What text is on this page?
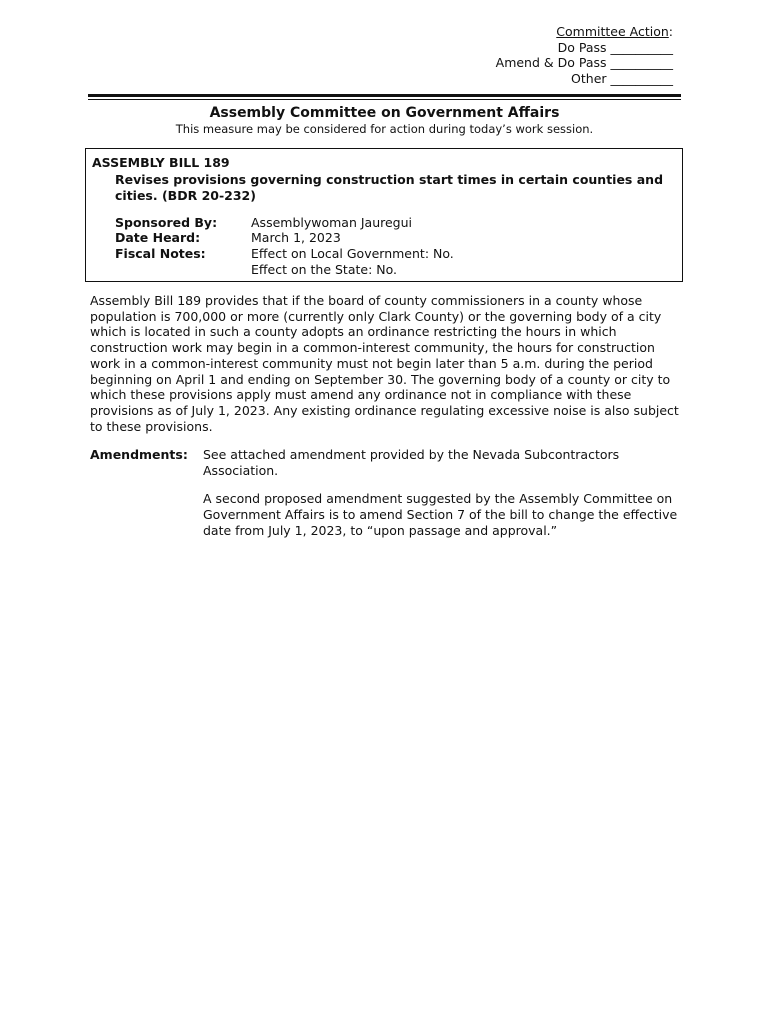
Committee Action:
Do Pass __________
Amend & Do Pass __________
Other __________
Assembly Committee on Government Affairs
This measure may be considered for action during today’s work session.
ASSEMBLY BILL 189
Revises provisions governing construction start times in certain counties and cities. (BDR 20-232)
Sponsored By:	Assemblywoman Jauregui
Date Heard:	March 1, 2023
Fiscal Notes:	Effect on Local Government: No.
Effect on the State: No.
Assembly Bill 189 provides that if the board of county commissioners in a county whose population is 700,000 or more (currently only Clark County) or the governing body of a city which is located in such a county adopts an ordinance restricting the hours in which construction work may begin in a common-interest community, the hours for construction work in a common-interest community must not begin later than 5 a.m. during the period beginning on April 1 and ending on September 30. The governing body of a county or city to which these provisions apply must amend any ordinance not in compliance with these provisions as of July 1, 2023. Any existing ordinance regulating excessive noise is also subject to these provisions.
Amendments:	See attached amendment provided by the Nevada Subcontractors Association.

A second proposed amendment suggested by the Assembly Committee on Government Affairs is to amend Section 7 of the bill to change the effective date from July 1, 2023, to “upon passage and approval.”
